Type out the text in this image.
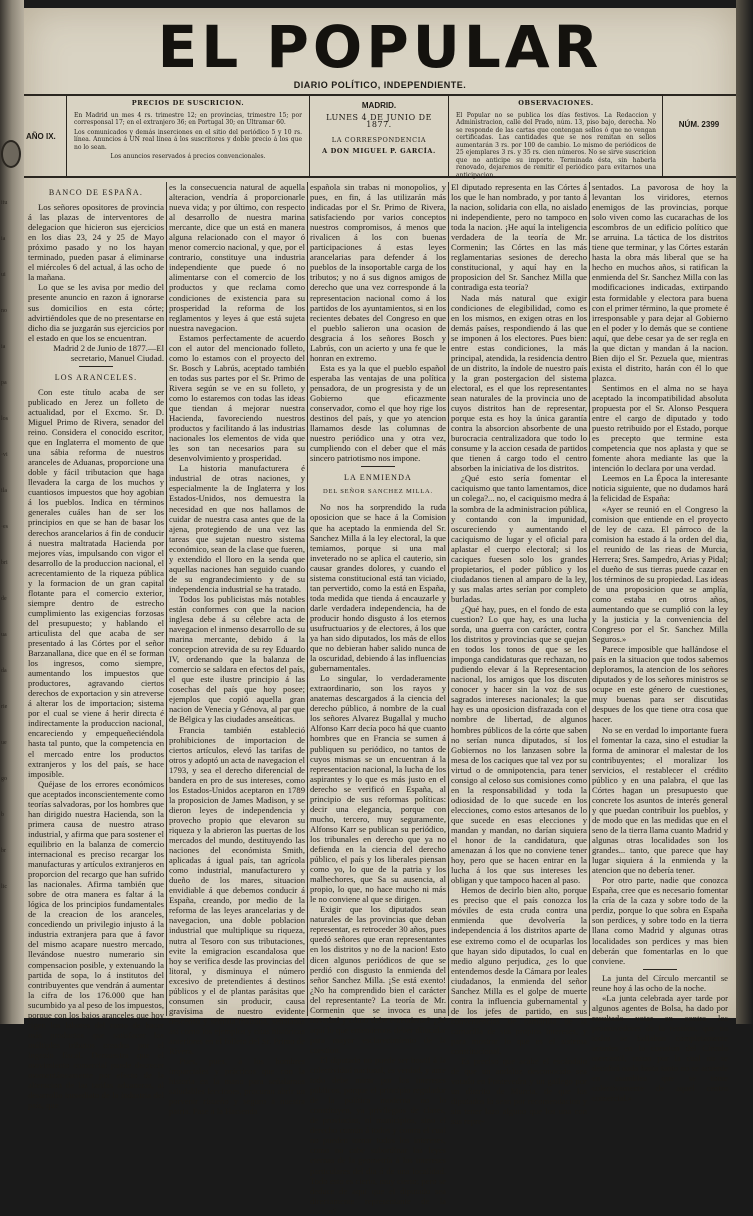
itu
ia
ui
no
ia
pa
los
·vi
ila
·es
bri
de
ua
da
rie
ue
go
b
br
lic
EL POPULAR
DIARIO POLÍTICO, INDEPENDIENTE.
AÑO IX.
PRECIOS DE SUSCRICION.

En Madrid un mes 4 rs. trimestre 12; en provincias, trimestre 15; por corresponsal 17; en el extranjero 36; en Portugal 30; en Ultramar 60.

Los comunicados y demás inserciones en el sitio del periódico 5 y 10 rs. línea. Anuncios á UN real línea á los suscritores y doble precio á los que no lo sean.

Los anuncios reservados á precios convencionales.

MADRID.
LUNES 4 DE JUNIO DE 1877.
LA CORRESPONDENCIA
A DON MIGUEL P. GARCÍA.
OBSERVACIONES.

El Popular no se publica los días festivos. La Redaccion y Administracion, calle del Prado, núm. 13, piso bajo, derecha. No se responde de las cartas que contengan sellos ó que no vengan certificadas. Las cantidades que se nos remitan en sellos aumentarán 3 rs. por 100 de cambio. Lo mismo de periódicos de 25 ejemplares 3 rs. y 35 rs. cien números. No se sirve suscricion que no anticipe su importe. Terminada ésta, sin haberla renovado, dejaremos de remitir el periódico para evitarnos una anticipacion.

NÚM. 2399
BANCO DE ESPAÑA.

Los señores opositores de provincia á las plazas de interventores de delegacion que hicieron sus ejercicios en los dias 23, 24 y 25 de Mayo próximo pasado y no los hayan terminado, pueden pasar á eliminarse el miércoles 6 del actual, á las ocho de la mañana.

Lo que se les avisa por medio del presente anuncio en razon á ignorarse sus domicilios en esta córte; advirtiéndoles que de no presentarse en dicho dia se juzgarán sus ejercicios por el estado en que los se encuentran.

Madrid 2 de Junio de 1877.—El secretario, Manuel Ciudad.

LOS ARANCELES.

Con este título acaba de ser publicado en Jerez un folleto de actualidad, por el Excmo. Sr. D. Miguel Primo de Rivera, senador del reino. Considera el conocido escritor, que en Inglaterra el momento de que una sábia reforma de nuestros aranceles de Aduanas, proporcione una doble y fácil tributacion que haga llevadera la carga de los muchos y cuantiosos impuestos que hoy agobian á los pueblos. Indica en términos generales cuáles han de ser los principios en que se han de basar los derechos arancelarios á fin de conducir á nuestra maltratada Hacienda por mejores vías, impulsando con vigor el desarrollo de la produccion nacional, el acrecentamiento de la riqueza pública y la formacion de un gran capital flotante para el comercio exterior, siempre dentro de estrecho cumplimiento las exigencias forzosas del presupuesto; y hablando el articulista del que acaba de ser presentado á las Córtes por el señor Barzanallana, dice que en él se forman los ingresos, como siempre, aumentando los impuestos que productores, agravando ciertos derechos de exportacion y sin atreverse á alterar los de importacion; sistema por el cual se viene á herir directa é indirectamente la produccion nacional, encareciendo y empequeñeciéndola hasta tal punto, que la competencia en el mercado entre los productos extranjeros y los del país, se hace imposible.

Quéjase de los errores económicos que aceptados inconscientemente como teorías salvadoras, por los hombres que han dirigido nuestra Hacienda, son la primera causa de nuestro atraso industrial, y afirma que para sostener el equilibrio en la balanza de comercio internacional es preciso recargar los manufacturas y artículos extranjeros en proporcion del recargo que han sufrido las nacionales. Afirma también que sobre de otra manera es faltar á la lógica de los principios fundamentales de la creacion de los aranceles, concediendo un privilegio injusto á la industria extranjera para que á favor del mismo acapare nuestro mercado, llevándose nuestro numerario sin compensacion posible, y extenuando la partida de sopa, lo á institutos del contribuyentes que vendrán á aumentar la cifra de los 176.000 que han sucumbido ya al peso de los impuestos, porque con los bajos aranceles que hoy rigen los labores del ramo de hacer más productos que satisfacer los múltiples tributos creados por el ingenio fiscal. Demuestra que el movimiento comercial puede decrecer momentáneamente por efecto de la alteracion de las tarifas aduaneras, al desarrollo inmediato de la industria del país, que

es la consecuencia natural de aquella alteracion, vendría á proporcionarle nueva vida; y por último, con respecto al desarrollo de nuestra marina mercante, dice que un está en manera alguna relacionado con el mayor ó menor comercio nacional, y que, por el contrario, constituye una industria independiente que puede ó no alimentarse con el comercio de los productos y que reclama como condiciones de existencia para su prosperidad la reforma de los reglamentos y leyes á que está sujeta nuestra navegacion.

Estamos perfectamente de acuerdo con el autor del mencionado folleto, como lo estamos con el proyecto del Sr. Bosch y Labrús, aceptado también en todas sus partes por el Sr. Primo de Rivera según se ve en su folleto, y como lo estaremos con todas las ideas que tiendan á mejorar nuestra Hacienda, favoreciendo nuestros productos y facilitando á las industrias nacionales los elementos de vida que les son tan necesarios para su desenvolvimiento y prosperidad.

La historia manufacturera é industrial de otras naciones, y especialmente la de Inglaterra y los Estados-Unidos, nos demuestra la necesidad en que nos hallamos de cuidar de nuestra casa antes que de la ajena, protegiendo de una vez las tareas que sujetan nuestro sistema económico, sean de la clase que fueren, y extendido el lloro en la senda que aquellas naciones han seguido cuando de su engrandecimiento y de su independencia industrial se ha tratado.

Todos los publicistas más notables están conformes con que la nacion inglesa debe á su célebre acta de navegacion el inmenso desarrollo de su marina mercante, debido á la concepcion atrevida de su rey Eduardo IV, ordenando que la balanza de comercio se saldara en efectos del país, el que este ilustre principio á las cosechas del país que hoy posee; ejemplos que copió aquella gran nacion de Venecia y Génova, al par que de Bélgica y las ciudades anseáticas.

Francia también estableció prohibiciones de importacion de ciertos artículos, elevó las tarifas de otros y adoptó un acta de navegacion el 1793, y sea el derecho diferencial de bandera en pro de sus intereses, como los Estados-Unidos aceptaron en 1789 la proposicion de James Madison, y se dieron leyes de independencia y provecho propio que elevaron su riqueza y la abrieron las puertas de los mercados del mundo, destituyendo las naciones del económista Smith, aplicadas á igual país, tan agrícola como industrial, manufacturero y dueño de los mares, situacion envidiable á que debemos conducir á España, creando, por medio de la reforma de las leyes arancelarias y de navegacion, una doble poblacion industrial que multiplique su riqueza, nutra al Tesoro con sus tributaciones, evite la emigracion escandalosa que hoy se verifica desde las provincias del litoral, y disminuya el número excesivo de pretendientes á destinos públicos y el de plantas parásitas que consumen sin producir, causa gravísima de nuestro evidente descenso y semilla malsana, señaladas así como los ejemplos y citas históricas anteriores en el folleto del Sr. Primo de Rivera.

Pues, pues, á los hombres imparciales y prácticos que con la historia en la mano para señalarnos saludables lecciones, procuran abrir un porvenir risueño y seguro á nuestra patria. Pase á la Hacienda

española sin trabas ni monopolios, y pues, en fin, á las utilizarán más indicadas por el Sr. Primo de Rivera, satisfaciendo por varios conceptos nuestros compromisos, á menos que rivalicen á los con buenas participaciones á estas leyes arancelarias para defender á los pueblos de la insoportable carga de los tributos; y no á sus dignos amigos de derecho que una vez corresponde á la representacion nacional como á los partidos de los ayuntamientos, si en los recientes debates del Congreso en que el pueblo salieron una ocasion de desgracia á los señores Bosch y Labrús, con un acierto y una fe que le honran en extremo.

Esta es ya la que el pueblo español esperaba las ventajas de una política pensadora, de un progresista y de un Gobierno que eficazmente conservador, como el que hoy rige los destinos del país, y que yo atencion llamamos desde las columnas de nuestro periódico una y otra vez, cumpliendo con el deber que el más sincero patriotismo nos impone.

LA ENMIENDA
DEL SEÑOR SANCHEZ MILLA.

No nos ha sorprendido la ruda oposicion que se hace á la Comision que ha aceptado la enmienda del Sr. Sanchez Milla á la ley electoral, la que temiamos, porque si una mal inveterado no se aplica el cauterio, sin causar grandes dolores, y cuando el sistema constitucional está tan viciado, tan pervertido, como la está en España, toda medida que tienda á encauzarle y darle verdadera independencia, ha de producir hondo disgusto á los eternos usufructuarios y de electores, á los que ya han sido diputados, los más de ellos que no debieran haber salido nunca de la oscuridad, debiendo á las influencias gubernamentales.

Lo singular, lo verdaderamente extraordinario, son los rayos y anatemas descargados á la ciencia del derecho público, á nombre de la cual los señores Alvarez Bugallal y mucho Alfonso Karr decía poco há que cuanto hombres que en Francia se sumen á publiquen su periódico, no tantos de cuyos mismas se un encuentran á la representacion nacional, la lucha de los aspirantes y lo que es más justo en el derecho se verificó en España, al principio de sus reformas políticas: decir una elegancia, porque con mucho, tercero, muy seguramente, Alfonso Karr se publican su periódico, los tribunales en derecho que ya no defienda en la ciencia del derecho público, el país y los liberales piensan como yo, lo que de la patria y los malhechores, que Sa su ausencia, al propio, lo que, no hace mucho ni más le no conviene al que se dirigen.

Exigir que los diputados sean naturales de las provincias que deban representar, es retroceder 30 años, pues quedó señores que eran representantes en los distritos y no de la nacion! Esto dicen algunos periódicos de que se perdió con disgusto la enmienda del señor Sanchez Milla. ¡Se está exento! ¿No ha comprendido bien el carácter del representante? La teoría de Mr. Cormenin que se invoca es una novedad y cómo debe entenderse? ¿Sé aquí lo que entendemos deber dilucidar para mayor esclarecimiento de la cuestion.

El diputado no puede ser hostil á la colectividad nacional, es verdad, y ante todo debe mirar por los intereses públicos, porque el principio regulador de la política moderna no lo constituyen, ya privilegios de clases, de provincias, ni municipios, sino el derecho común á todos y contra el cual no pueden tomar todos los intereses, como no cabe subordinar las leyes eternas de la geometría á los intereses particulares del dia ó de una localidad. Todo esto es cierto, muy cierto; pero se deduce de aquí que el diputado sea directamente representante de la nacion?

El diputado representa en las Córtes á los que le han nombrado, y por tanto á la nacion, solidaria con ella, no aislado ni independiente, pero no tampoco en toda la nacion. ¡He aquí la inteligencia verdadera de la teoría de Mr. Cormenin; las Córtes en las más reglamentarias sesiones de derecho constitucional, y aquí hay en la proposicion del Sr. Sanchez Milla que contradiga esta teoría?

Nada más natural que exigir condiciones de elegibilidad, como es en los mismos, en exigen otras en los demás países, respondiendo á las que se imponen á los electores. Pues bien: entre estas condiciones, la más principal, atendida, la residencia dentro de un distrito, la índole de nuestro país y la gran postergacion del sistema electoral, es el que los representantes sean naturales de la provincia uno de cuyos distritos han de representar, porque esta es hoy la única garantía contra la absorcion absorbente de una burocracia centralizadora que todo lo consume y la accion cesada de partidos que tienen á cargo todo el centro absorben la iniciativa de los distritos.

¿Qué esto sería fomentar el caciquismo que tanto lamentamos, dice un colega?... no, el caciquismo medra á la sombra de la administracion pública, y contando con la impunidad, oscureciendo y aumentando el caciquismo de lugar y el oficial para aplastar el cuerpo electoral; si los caciques fuesen solo los grandes propietarios, el poder público y los ciudadanos tienen al amparo de la ley, y sus malas artes serían por completo burladas.

¿Qué hay, pues, en el fondo de esta cuestion? Lo que hay, es una lucha sorda, una guerra con carácter, contra los distritos y provincias que se quejan en todos los tonos de que se les imponga candidaturas que rechazan, no pudiendo elevar á la Representacion nacional, los amigos que los discuten conocer y hacer sin la voz de sus sagrados intereses nacionales; la que hay es una oposicion disfrazada con el nombre de libertad, de algunos hombres públicos de la córte que saben no serían nunca diputados, sí los Gobiernos no los lanzasen sobre la mesa de los caciques que tal vez por su virtud o de omnipotencia, para tener consigo al celoso sus comisiones como en la responsabilidad y toda la odiosidad de lo que sucede en los elecciones, como estos artesanos de lo que sucede en esas elecciones y mandan y mandan, no darían siquiera el honor de la candidatura, que amenazan á los que no conviene tener hoy, pero que se hacen entrar en la lucha á los que sus intereses les obligan y que tampoco hacen al paso.

Hemos de decirlo bien alto, porque es preciso que el país conozca los móviles de esta cruda contra una enmienda que devolvería la independencia á los distritos aparte de ese extremo como el de ocuparlas los que hayan sido diputados, lo cual en medio alguno perjudica, ¿es lo que entendemos desde la Cámara por leales ciudadanos, la enmienda del señor Sanchez Milla es el golpe de muerte contra la influencia gubernamental y de los jefes de partido, en sus conveniencias de camarilla de la camarilla de sus propios intereses, y para mostrar lo que es el sistema constitucional.

Es preciso que acabe el escándalo de que un andaluz desconocido sea votado en Pontevedra y un gallego por un distrito de Murcia, de que los diputados lo sean por recomendacion y sin tener lazo alguno que los una con sus repre-

sentados. La pavorosa de hoy la levantan los viridores, eternos enemigos de las provincias, porque solo viven como las cucarachas de los escombros de un edificio político que se arruina. La táctica de los distritos tiene que terminar, y las Córtes estarán hasta la obra más liberal que se ha hecho en muchos años, si ratifican la enmienda del Sr. Sanchez Milla con las modificaciones indicadas, extirpando esta formidable y electora para buena con el primer término, la que promete é irresponsable y para dejar al Gobierno en el poder y lo demás que se contiene aquí, que debe cesar ya de ser regla en la que dictan y mandan á la nacion. Bien dijo el Sr. Pezuela que, mientras exista el distrito, harán con él lo que plazca.

Sentimos en el alma no se haya aceptado la incompatibilidad absoluta propuesta por el Sr. Alonso Pesquera entre el cargo de diputado y todo puesto retribuido por el Estado, porque es precepto que termine esta competencia que nos aplasta y que se fomente ahora mediante las que la intención lo declara por una verdad.

Leemos en La Época la interesante noticia siguiente, que no dudamos hará la felicidad de España:

«Ayer se reunió en el Congreso la comision que entiende en el proyecto de ley de caza. El párroco de la comision ha estado á la orden del dia, el reunido de las rieas de Murcia, Herrera; Sres. Sampedro, Arias y Pidal; el dueño de sus tierras puede cazar en los términos de su propiedad. Las ideas de una proposicion que se amplía, como estaba en otros años, aumentando que se cumplió con la ley y la justicia y la conveniencia del Congreso por el Sr. Sanchez Milla Seguros.»

Parece imposible que hallándose el país en la situacion que todos sabemos deploramos, la atencion de los señores diputados y de los señores ministros se ocupe en este género de cuestiones, muy buenas para ser discutidas despues de los que tiene otra cosa que hacer.

No se en verdad lo importante fuera el fomentar la caza, sino el estudiar la forma de aminorar el malestar de los contribuyentes; el moralizar los servicios, el restablecer el crédito público y en una palabra, el que las Córtes hagan un presupuesto que concrete los asuntos de interés general y que puedan contribuir los pueblos, y de modo que en las medidas que en el seno de la tierra llama cuanto Madrid y algunas otras localidades son los grandes... tanto, que parece que hay lugar siquiera á la enmienda y la atencion que no debería tener.

Por otro parte, nadie que conozca España, cree que es necesario fomentar la cría de la caza y sobre todo de la perdiz, porque lo que sobra en España son perdices, y sobre todo en la tierra llana como Madrid y algunas otras localidades son perdices y mas bien deberán que fomentarlas en lo que conviene.

La junta del Círculo mercantil se reune hoy á las ocho de la noche.

«La junta celebrada ayer tarde por algunos agentes de Bolsa, ha dado por resultado votar en contra los promovedores de la reunion, que no todos se hallaban completamente acordes en la cuestion del Círculo mercantil, razon por la cual no se decidirá nada hasta tanto no se acuerde en asamblea que se tome colectivamente de aquel centro comercial.»
